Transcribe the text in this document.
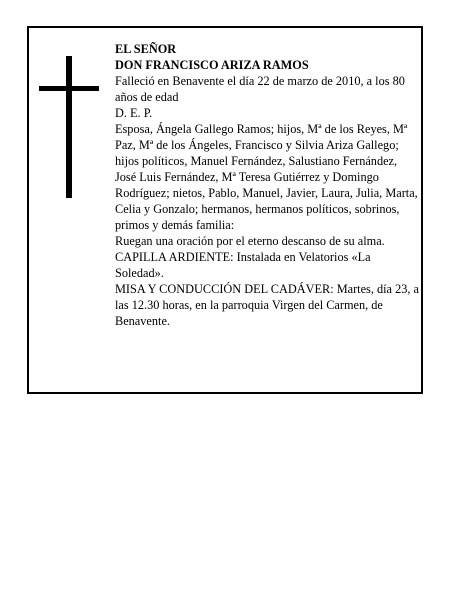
EL SEÑOR

DON FRANCISCO ARIZA RAMOS

Falleció en Benavente el día 22 de marzo de 2010, a los 80 años de edad

D. E. P.

Esposa, Ángela Gallego Ramos; hijos, Mª de los Reyes, Mª Paz, Mª de los Ángeles, Francisco y Silvia Ariza Gallego; hijos políticos, Manuel Fernández, Salustiano Fernández, José Luis Fernández, Mª Teresa Gutiérrez y Domingo Rodríguez; nietos, Pablo, Manuel, Javier, Laura, Julia, Marta, Celia y Gonzalo; hermanos, hermanos políticos, sobrinos, primos y demás familia:

Ruegan una oración por el eterno descanso de su alma.

CAPILLA ARDIENTE: Instalada en Velatorios «La Soledad».

MISA Y CONDUCCIÓN DEL CADÁVER: Martes, día 23, a las 12.30 horas, en la parroquia Virgen del Carmen, de Benavente.
